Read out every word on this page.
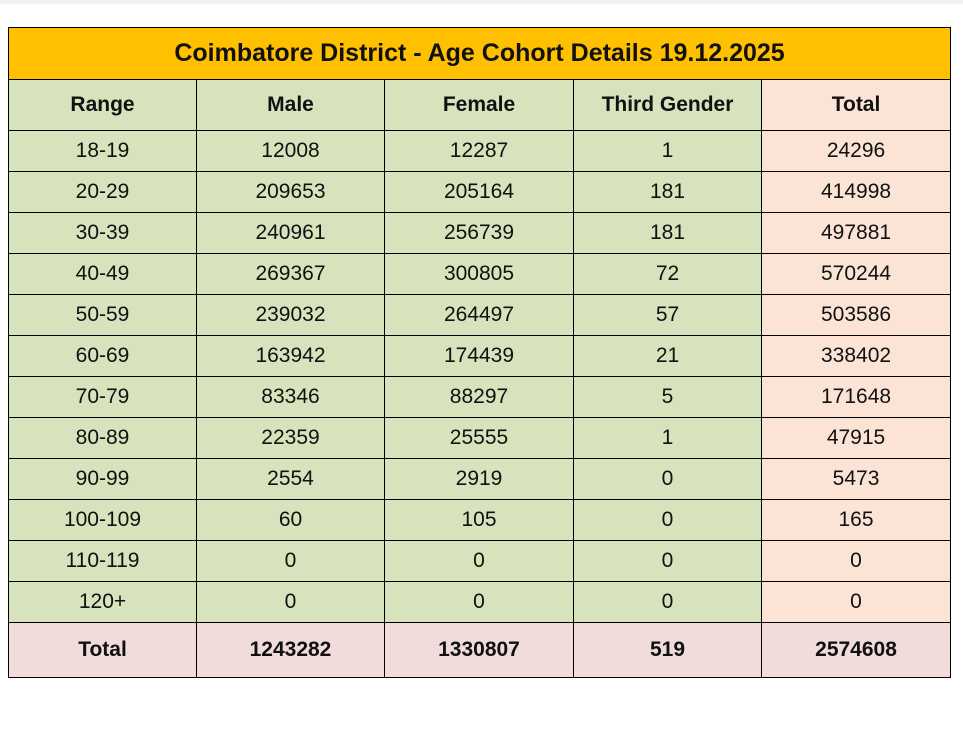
Coimbatore District - Age Cohort Details 19.12.2025				
Range	Male	Female	Third Gender	Total
18-19	12008	12287	1	24296
20-29	209653	205164	181	414998
30-39	240961	256739	181	497881
40-49	269367	300805	72	570244
50-59	239032	264497	57	503586
60-69	163942	174439	21	338402
70-79	83346	88297	5	171648
80-89	22359	25555	1	47915
90-99	2554	2919	0	5473
100-109	60	105	0	165
110-119	0	0	0	0
120+	0	0	0	0
Total	1243282	1330807	519	2574608
